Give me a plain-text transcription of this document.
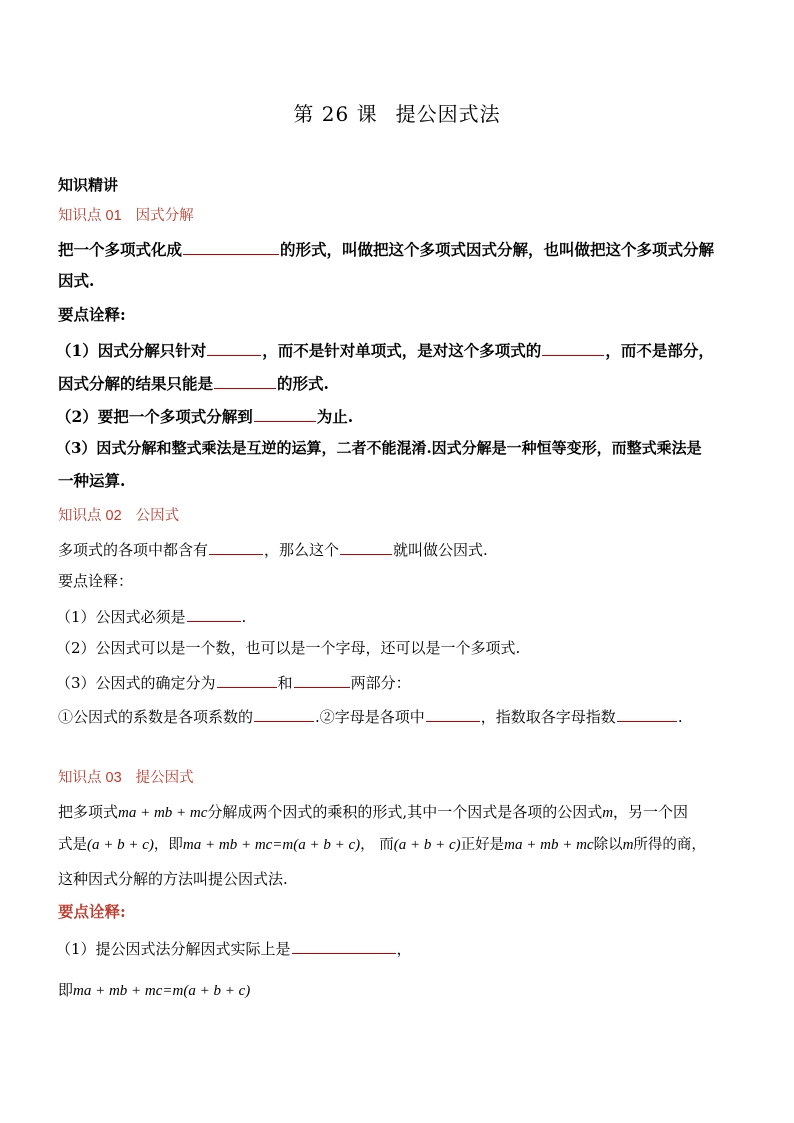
第 26 课 提公因式法
知识精讲
知识点 01 因式分解
把一个多项式化成	的形式，叫做把这个多项式因式分解，也叫做把这个多项式分解
因式.
要点诠释:
（1）因式分解只针对	，而不是针对单项式，是对这个多项式的	，而不是部分，
因式分解的结果只能是	的形式.
（2）要把一个多项式分解到	为止.
（3）因式分解和整式乘法是互逆的运算，二者不能混淆.因式分解是一种恒等变形，而整式乘法是
一种运算.
知识点 02 公因式
多项式的各项中都含有	，那么这个	就叫做公因式.
要点诠释：
（1）公因式必须是	.
（2）公因式可以是一个数，也可以是一个字母，还可以是一个多项式.
（3）公因式的确定分为	和	两部分：
①公因式的系数是各项系数的	.②字母是各项中	，指数取各字母指数	.
知识点 03 提公因式
把多项式ma + mb + mc分解成两个因式的乘积的形式,其中一个因式是各项的公因式m，另一个因
式是(a + b + c)，即ma + mb + mc=m(a + b + c)， 而(a + b + c)正好是ma + mb + mc除以m所得的商，
这种因式分解的方法叫提公因式法.
要点诠释:
（1）提公因式法分解因式实际上是	，
即ma + mb + mc=m(a + b + c)
